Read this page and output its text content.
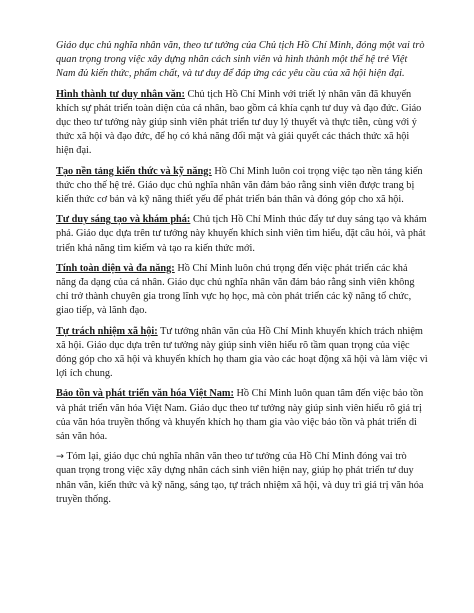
Giáo dục chủ nghĩa nhân văn, theo tư tưởng của Chủ tịch Hồ Chí Minh, đóng một vai trò quan trọng trong việc xây dựng nhân cách sinh viên và hình thành một thế hệ trẻ Việt Nam đủ kiến thức, phẩm chất, và tư duy để đáp ứng các yêu cầu của xã hội hiện đại.

Hình thành tư duy nhân văn: Chủ tịch Hồ Chí Minh với triết lý nhân văn đã khuyến khích sự phát triển toàn diện của cá nhân, bao gồm cả khía cạnh tư duy và đạo đức. Giáo dục theo tư tưởng này giúp sinh viên phát triển tư duy lý thuyết và thực tiễn, cùng với ý thức xã hội và đạo đức, để họ có khả năng đối mặt và giải quyết các thách thức xã hội hiện đại.

Tạo nền tảng kiến thức và kỹ năng: Hồ Chí Minh luôn coi trọng việc tạo nền tảng kiến thức cho thế hệ trẻ. Giáo dục chủ nghĩa nhân văn đảm bảo rằng sinh viên được trang bị kiến thức cơ bản và kỹ năng thiết yếu để phát triển bản thân và đóng góp cho xã hội.

Tư duy sáng tạo và khám phá: Chủ tịch Hồ Chí Minh thúc đẩy tư duy sáng tạo và khám phá. Giáo dục dựa trên tư tưởng này khuyến khích sinh viên tìm hiểu, đặt câu hỏi, và phát triển khả năng tìm kiếm và tạo ra kiến thức mới.

Tính toàn diện và đa năng: Hồ Chí Minh luôn chú trọng đến việc phát triển các khả năng đa dạng của cá nhân. Giáo dục chủ nghĩa nhân văn đảm bảo rằng sinh viên không chỉ trở thành chuyên gia trong lĩnh vực họ học, mà còn phát triển các kỹ năng tổ chức, giao tiếp, và lãnh đạo.

Tự trách nhiệm xã hội: Tư tưởng nhân văn của Hồ Chí Minh khuyến khích trách nhiệm xã hội. Giáo dục dựa trên tư tưởng này giúp sinh viên hiểu rõ tầm quan trọng của việc đóng góp cho xã hội và khuyến khích họ tham gia vào các hoạt động xã hội và làm việc vì lợi ích chung.

Bảo tồn và phát triển văn hóa Việt Nam: Hồ Chí Minh luôn quan tâm đến việc bảo tồn và phát triển văn hóa Việt Nam. Giáo dục theo tư tưởng này giúp sinh viên hiểu rõ giá trị của văn hóa truyền thống và khuyến khích họ tham gia vào việc bảo tồn và phát triển di sản văn hóa.

→ Tóm lại, giáo dục chủ nghĩa nhân văn theo tư tưởng của Hồ Chí Minh đóng vai trò quan trọng trong việc xây dựng nhân cách sinh viên hiện nay, giúp họ phát triển tư duy nhân văn, kiến thức và kỹ năng, sáng tạo, tự trách nhiệm xã hội, và duy trì giá trị văn hóa truyền thống.
